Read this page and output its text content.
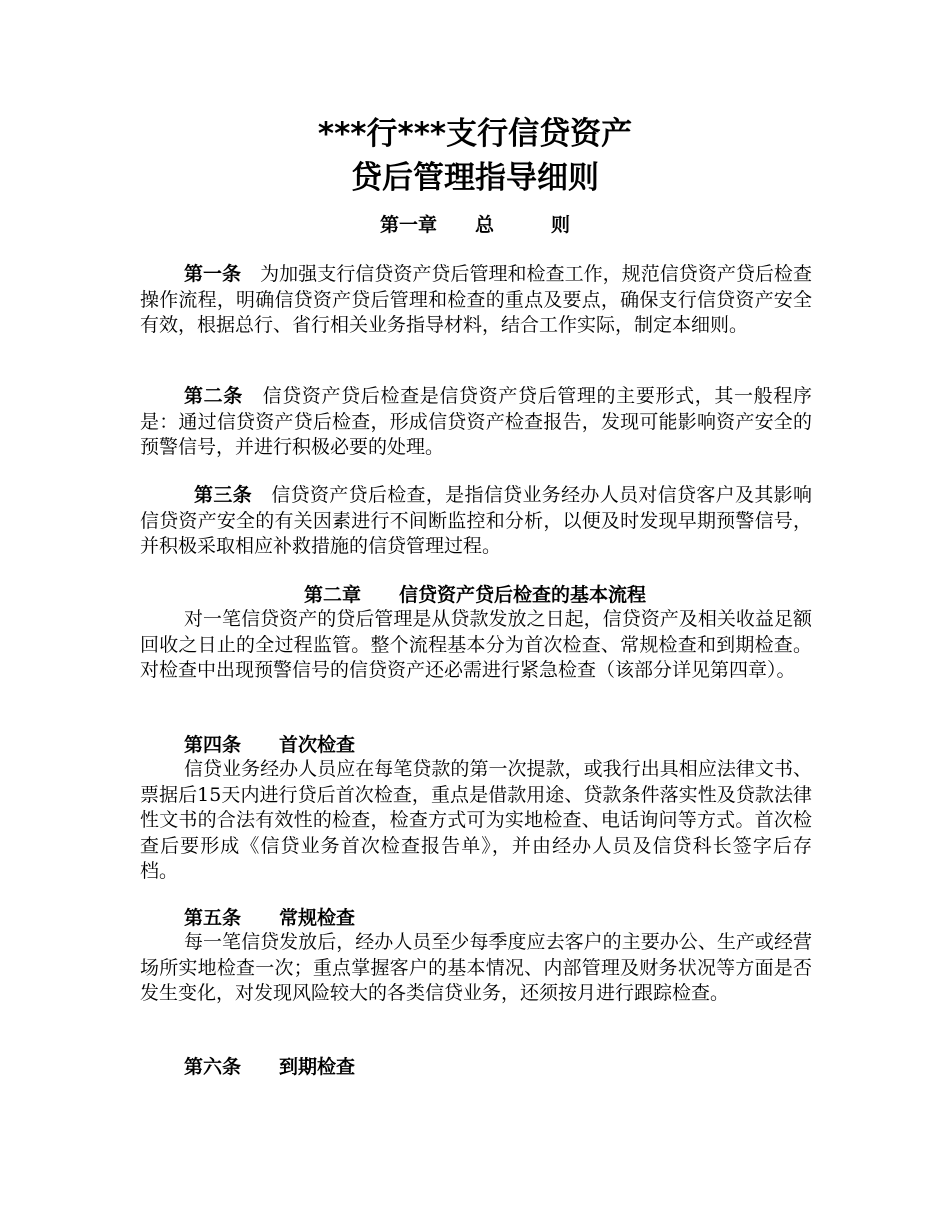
***行***支行信贷资产
贷后管理指导细则
第一章　　总　　　则

第一条　 为加强支行信贷资产贷后管理和检查工作，规范信贷资产贷后检查操作流程，明确信贷资产贷后管理和检查的重点及要点，确保支行信贷资产安全有效，根据总行、省行相关业务指导材料，结合工作实际，制定本细则。

第二条　 信贷资产贷后检查是信贷资产贷后管理的主要形式，其一般程序是：通过信贷资产贷后检查，形成信贷资产检查报告，发现可能影响资产安全的预警信号，并进行积极必要的处理。

第三条　 信贷资产贷后检查，是指信贷业务经办人员对信贷客户及其影响信贷资产安全的有关因素进行不间断监控和分析，以便及时发现早期预警信号，并积极采取相应补救措施的信贷管理过程。

第二章　　信贷资产贷后检查的基本流程

对一笔信贷资产的贷后管理是从贷款发放之日起，信贷资产及相关收益足额回收之日止的全过程监管。整个流程基本分为首次检查、常规检查和到期检查。对检查中出现预警信号的信贷资产还必需进行紧急检查（该部分详见第四章）。

第四条　　首次检查

信贷业务经办人员应在每笔贷款的第一次提款，或我行出具相应法律文书、票据后15天内进行贷后首次检查，重点是借款用途、贷款条件落实性及贷款法律性文书的合法有效性的检查，检查方式可为实地检查、电话询问等方式。首次检查后要形成《信贷业务首次检查报告单》，并由经办人员及信贷科长签字后存档。

第五条　　常规检查

每一笔信贷发放后，经办人员至少每季度应去客户的主要办公、生产或经营场所实地检查一次；重点掌握客户的基本情况、内部管理及财务状况等方面是否发生变化，对发现风险较大的各类信贷业务，还须按月进行跟踪检查。

第六条　　到期检查
